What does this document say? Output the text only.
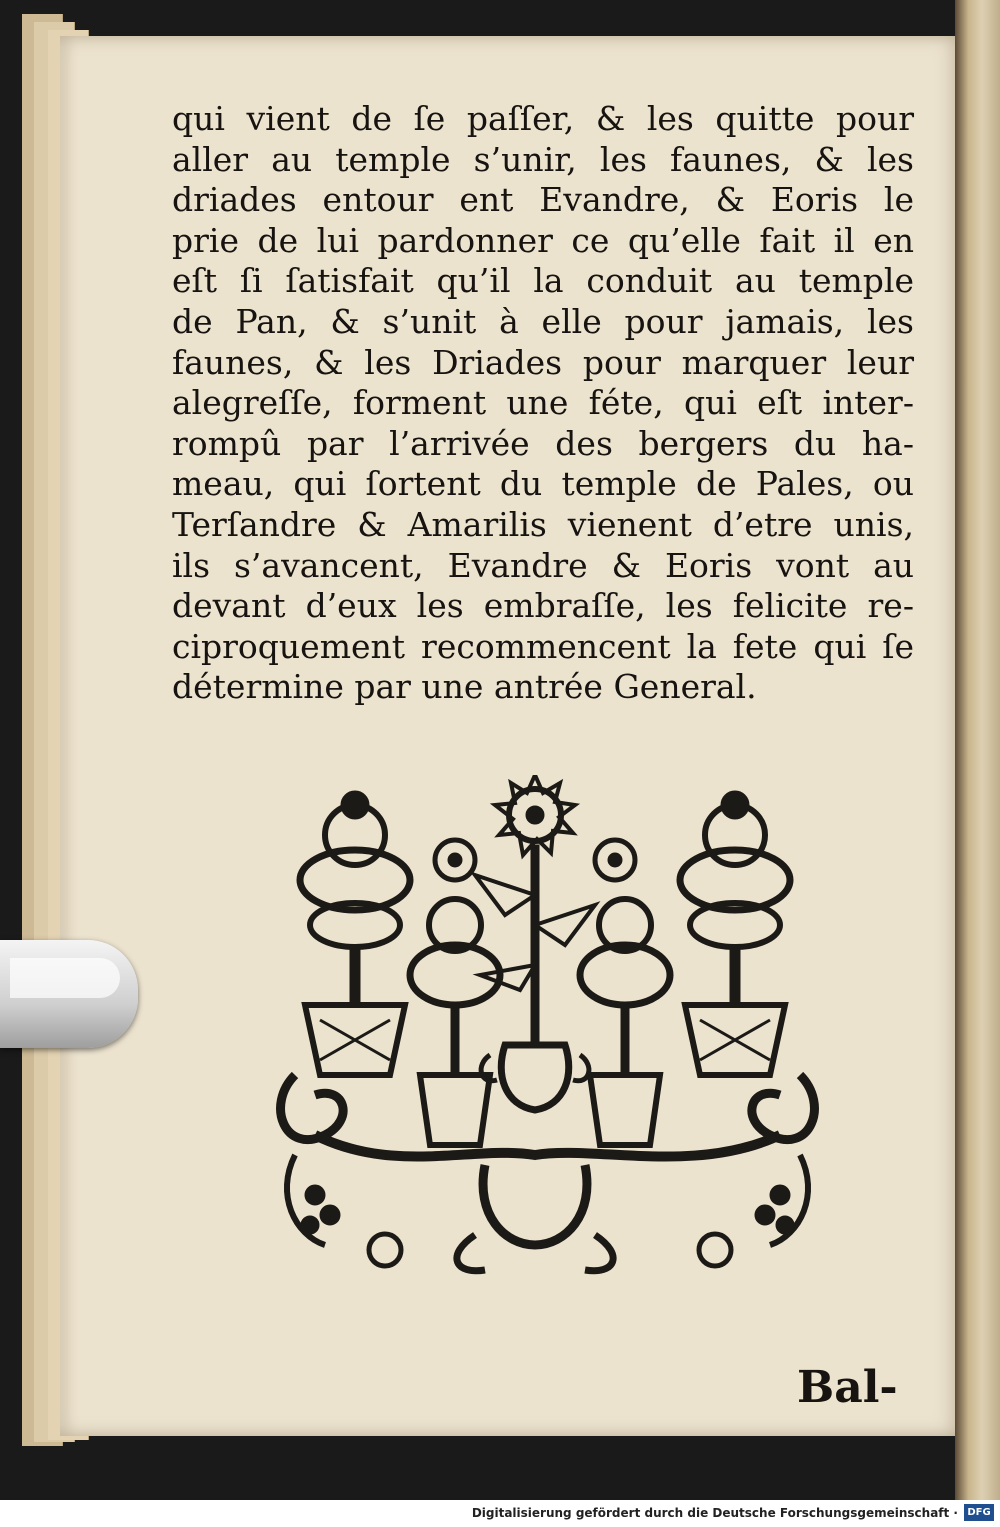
qui vient de ſe paſſer, & les quitte pour
aller au temple s’unir, les faunes, & les
driades entour ent Evandre, & Eoris le
prie de lui pardonner ce qu’elle fait il en
eſt ſi ſatisfait qu’il la conduit au temple
de Pan, & s’unit à elle pour jamais, les
faunes, & les Driades pour marquer leur
alegreſſe, forment une féte, qui eſt inter-
rompû par l’arrivée des bergers du ha-
meau, qui ſortent du temple de Pales, ou
Terſandre & Amarilis vienent d’etre unis,
ils s’avancent, Evandre & Eoris vont au
devant d’eux les embraſſe, les felicite re-
ciproquement recommencent la fete qui ſe
détermine par une antrée General.
Bal-
Digitalisierung gefördert durch die Deutsche Forschungsgemeinschaft · DFG
